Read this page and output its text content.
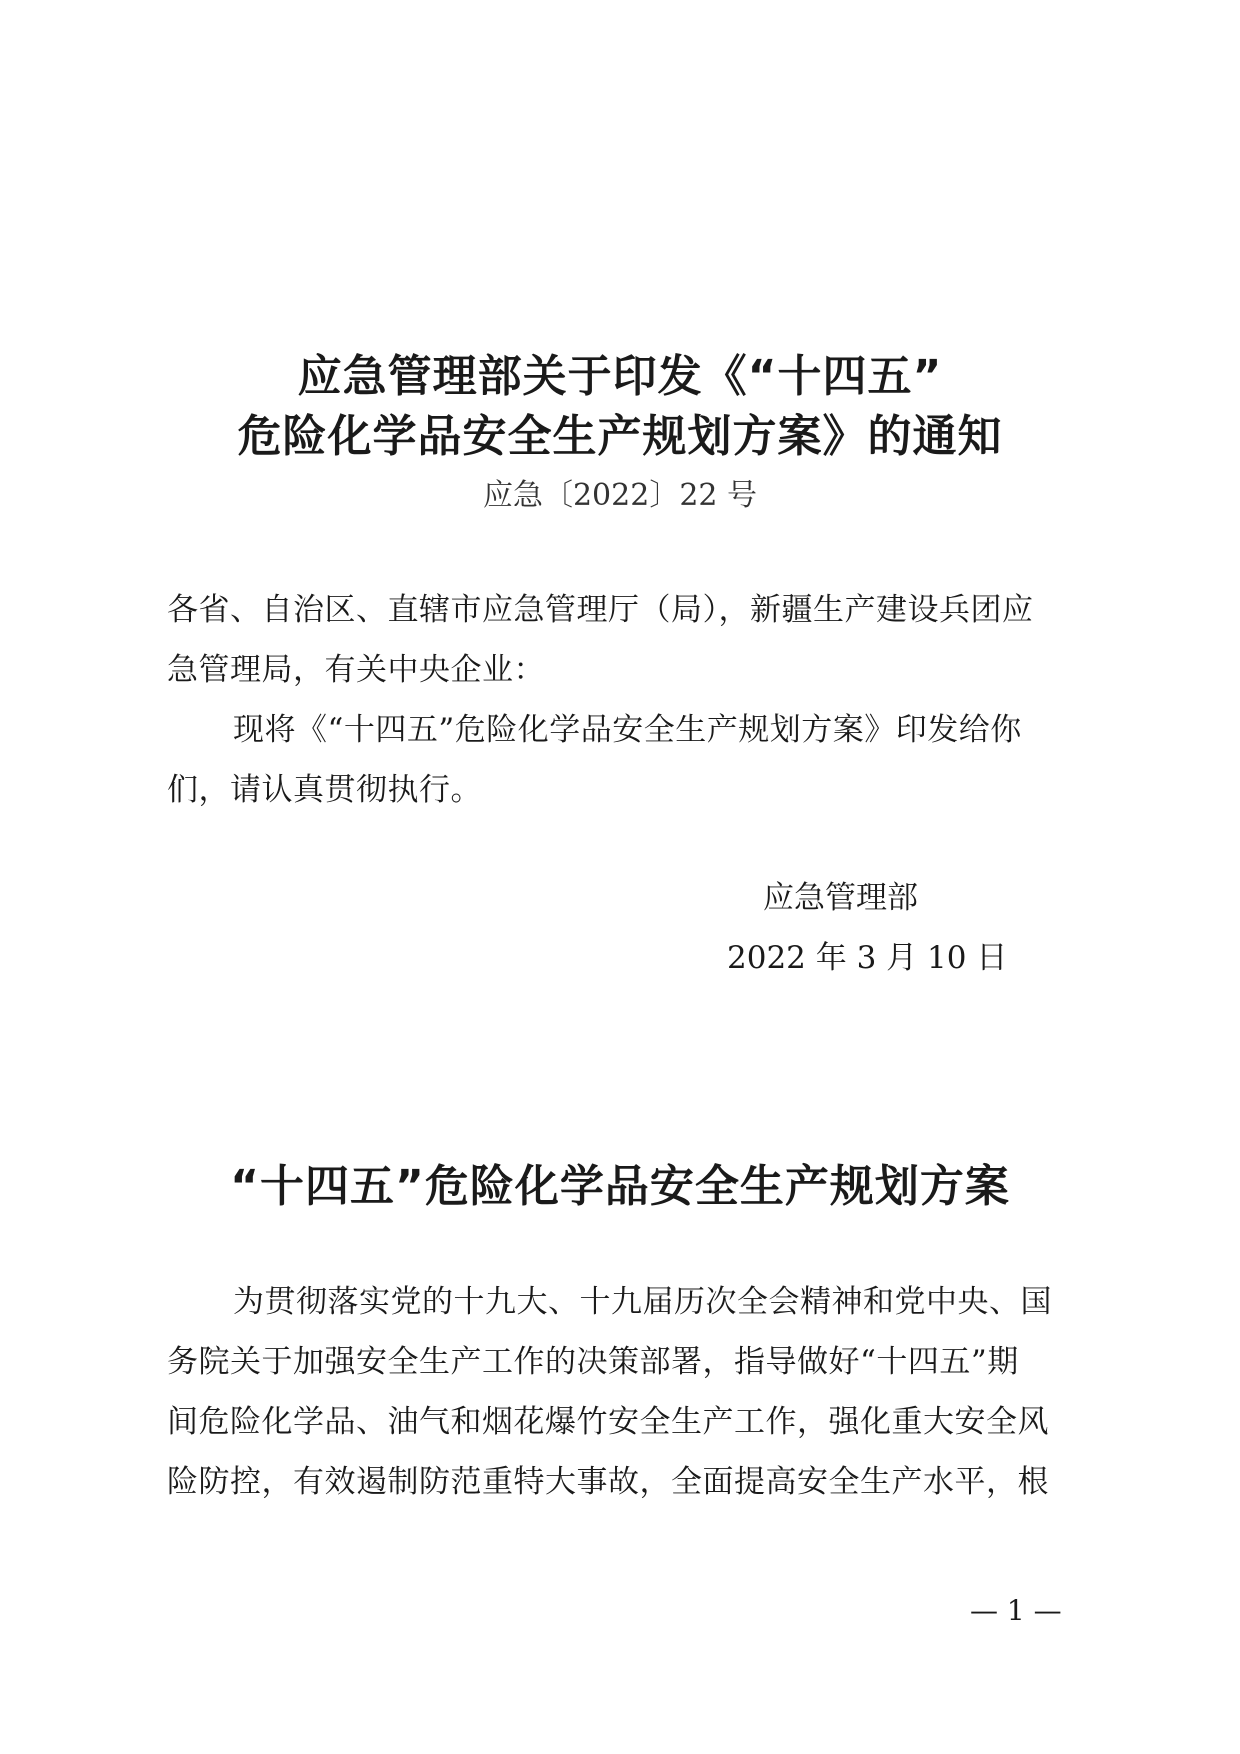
应急管理部关于印发《“十四五”
危险化学品安全生产规划方案》的通知
应急〔2022〕22 号
各省、自治区、直辖市应急管理厅（局），新疆生产建设兵团应
急管理局，有关中央企业：
现将《“十四五”危险化学品安全生产规划方案》印发给你
们，请认真贯彻执行。
应急管理部
2022 年 3 月 10 日
“十四五”危险化学品安全生产规划方案
为贯彻落实党的十九大、十九届历次全会精神和党中央、国
务院关于加强安全生产工作的决策部署，指导做好“十四五”期
间危险化学品、油气和烟花爆竹安全生产工作，强化重大安全风
险防控，有效遏制防范重特大事故，全面提高安全生产水平，根
— 1 —
